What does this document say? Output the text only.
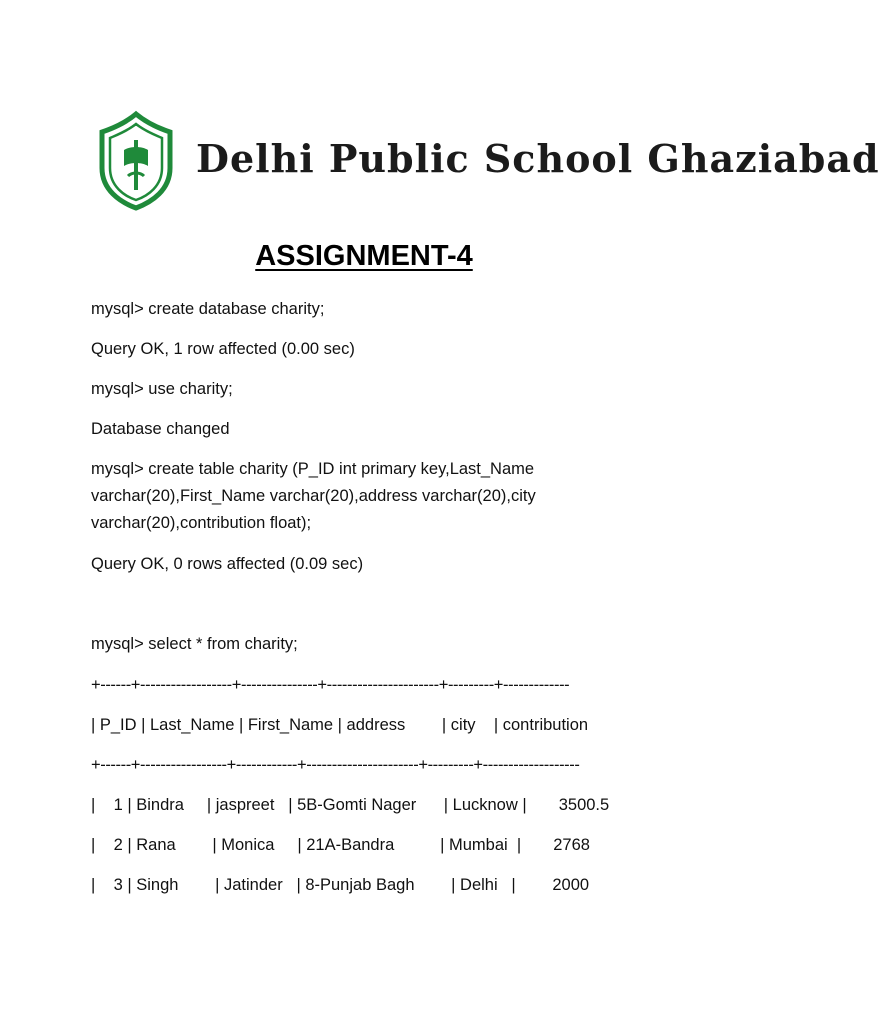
Delhi Public School Ghaziabad
ASSIGNMENT-4
mysql> create database charity;
Query OK, 1 row affected (0.00 sec)
mysql> use charity;
Database changed
mysql> create table charity (P_ID int primary key,Last_Name
varchar(20),First_Name varchar(20),address varchar(20),city
varchar(20),contribution float);
Query OK, 0 rows affected (0.09 sec)
mysql> select * from charity;
+------+------------------+---------------+----------------------+---------+-------------
| P_ID | Last_Name | First_Name | address        | city    | contribution
+------+-----------------+------------+----------------------+---------+-------------------
|    1 | Bindra     | jaspreet   | 5B-Gomti Nager      | Lucknow |       3500.5
|    2 | Rana        | Monica     | 21A-Bandra          | Mumbai  |       2768
|    3 | Singh        | Jatinder   | 8-Punjab Bagh        | Delhi   |        2000
